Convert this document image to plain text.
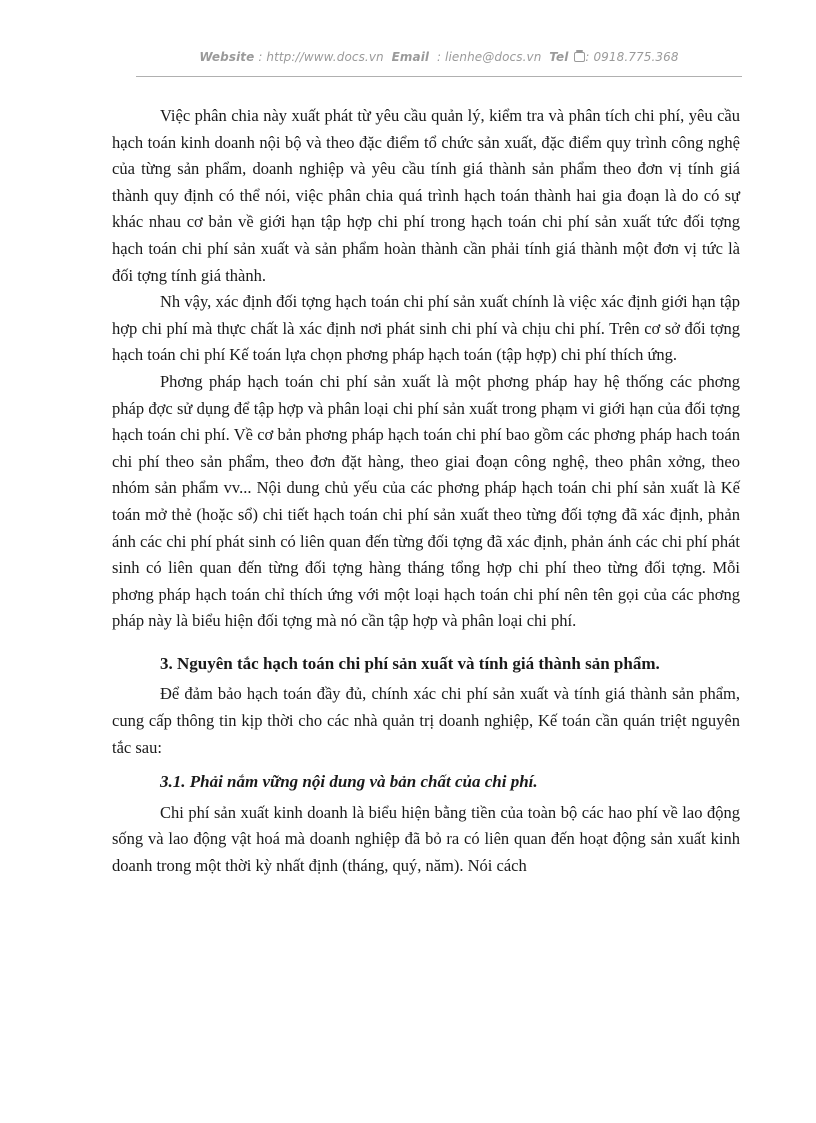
Website : http://www.docs.vn Email : lienhe@docs.vn Tel : 0918.775.368

Việc phân chia này xuất phát từ yêu cầu quản lý, kiểm tra và phân tích chi phí, yêu cầu hạch toán kinh doanh nội bộ và theo đặc điểm tổ chức sản xuất, đặc điểm quy trình công nghệ của từng sản phẩm, doanh nghiệp và yêu cầu tính giá thành sản phẩm theo đơn vị tính giá thành quy định có thể nói, việc phân chia quá trình hạch toán thành hai gia đoạn là do có sự khác nhau cơ bản về giới hạn tập hợp chi phí trong hạch toán chi phí sản xuất tức đối tợng hạch toán chi phí sản xuất và sản phẩm hoàn thành cần phải tính giá thành một đơn vị tức là đối tợng tính giá thành.

Nh vậy, xác định đối tợng hạch toán chi phí sản xuất chính là việc xác định giới hạn tập hợp chi phí mà thực chất là xác định nơi phát sinh chi phí và chịu chi phí. Trên cơ sở đối tợng hạch toán chi phí Kế toán lựa chọn phơng pháp hạch toán (tập hợp) chi phí thích ứng.

Phơng pháp hạch toán chi phí sản xuất là một phơng pháp hay hệ thống các phơng pháp đợc sử dụng để tập hợp và phân loại chi phí sản xuất trong phạm vi giới hạn của đối tợng hạch toán chi phí. Về cơ bản phơng pháp hạch toán chi phí bao gồm các phơng pháp hach toán chi phí theo sản phẩm, theo đơn đặt hàng, theo giai đoạn công nghệ, theo phân xởng, theo nhóm sản phẩm vv... Nội dung chủ yếu của các phơng pháp hạch toán chi phí sản xuất là Kế toán mở thẻ (hoặc sổ) chi tiết hạch toán chi phí sản xuất theo từng đối tợng đã xác định, phản ánh các chi phí phát sinh có liên quan đến từng đối tợng đã xác định, phản ánh các chi phí phát sinh có liên quan đến từng đối tợng hàng tháng tổng hợp chi phí theo từng đối tợng. Mỗi phơng pháp hạch toán chỉ thích ứng với một loại hạch toán chi phí nên tên gọi của các phơng pháp này là biểu hiện đối tợng mà nó cần tập hợp và phân loại chi phí.

3. Nguyên tắc hạch toán chi phí sản xuất và tính giá thành sản phẩm.

Để đảm bảo hạch toán đầy đủ, chính xác chi phí sản xuất và tính giá thành sản phẩm, cung cấp thông tin kịp thời cho các nhà quản trị doanh nghiệp, Kế toán cần quán triệt nguyên tắc sau:

3.1. Phải nắm vững nội dung và bản chất của chi phí.

Chi phí sản xuất kinh doanh là biểu hiện bằng tiền của toàn bộ các hao phí về lao động sống và lao động vật hoá mà doanh nghiệp đã bỏ ra có liên quan đến hoạt động sản xuất kinh doanh trong một thời kỳ nhất định (tháng, quý, năm). Nói cách
